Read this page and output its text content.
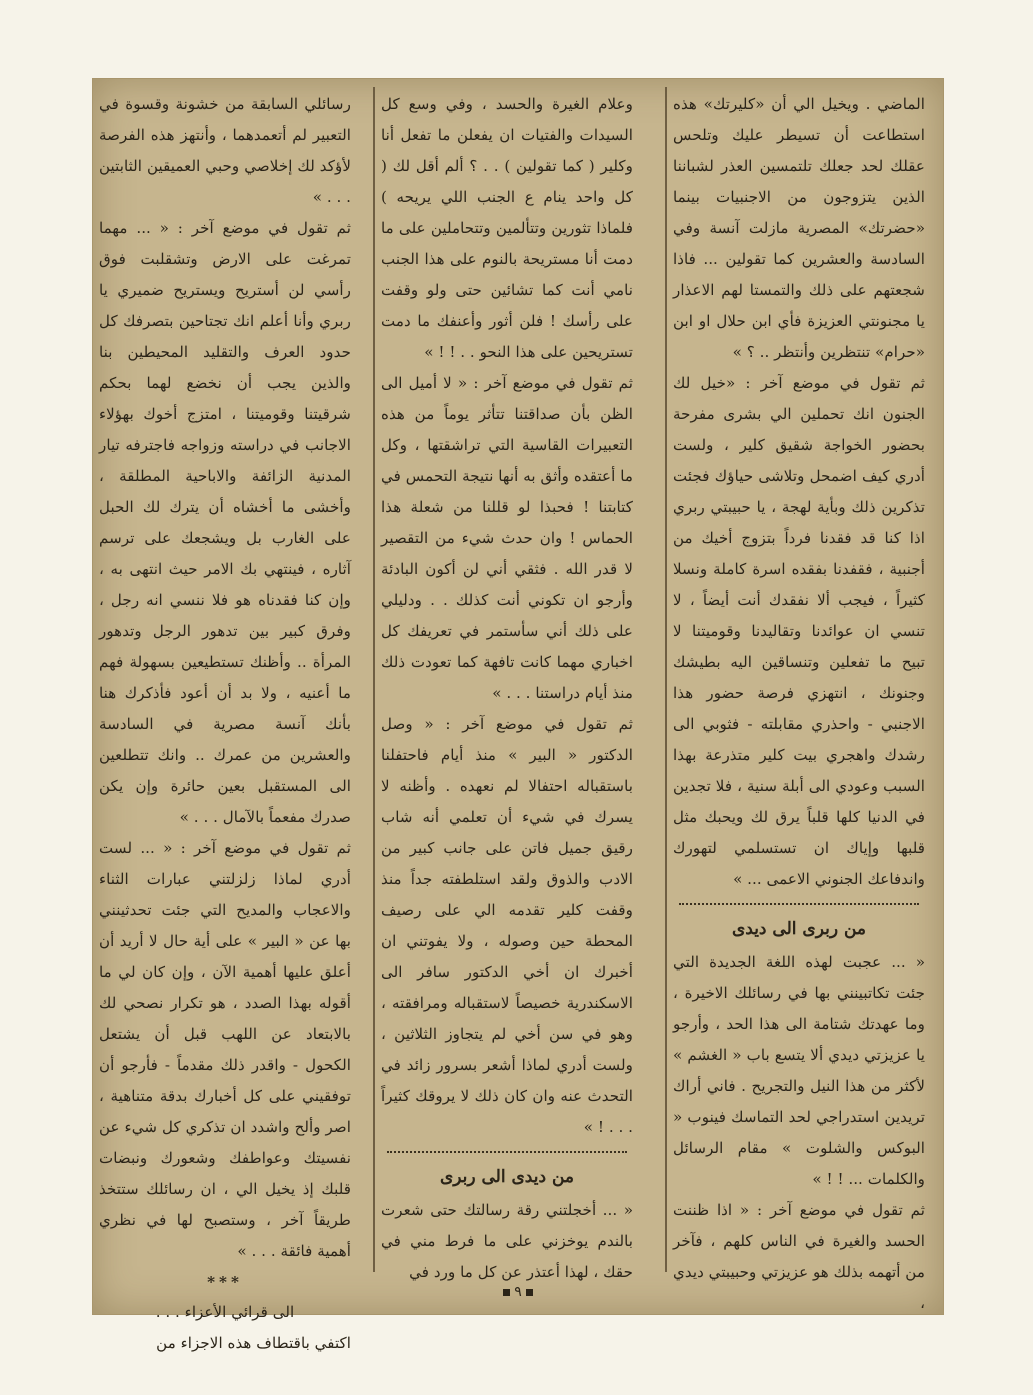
الماضي . ويخيل الي أن «كليرتك» هذه استطاعت أن تسيطر عليك وتلحس عقلك لحد جعلك تلتمسين العذر لشباننا الذين يتزوجون من الاجنبيات بينما «حضرتك» المصرية مازلت آنسة وفي السادسة والعشرين كما تقولين ... فاذا شجعتهم على ذلك والتمستا لهم الاعذار يا مجنونتي العزيزة فأي ابن حلال او ابن «حرام» تنتظرين وأنتظر .. ؟ »

ثم تقول في موضع آخر : «خيل لك الجنون انك تحملين الي بشرى مفرحة بحضور الخواجة شقيق كلير ، ولست أدري كيف اضمحل وتلاشى حياؤك فجئت تذكرين ذلك وبأية لهجة ، يا حبيبتي ربري اذا كنا قد فقدنا فرداً بتزوج أخيك من أجنبية ، فقفدنا بفقده اسرة كاملة ونسلا كثيراً ، فيجب ألا نفقدك أنت أيضاً ، لا تنسي ان عوائدنا وتقاليدنا وقوميتنا لا تبيح ما تفعلين وتنساقين اليه بطيشك وجنونك ، انتهزي فرصة حضور هذا الاجنبي - واحذري مقابلته - فثوبي الى رشدك واهجري بيت كلير متذرعة بهذا السبب وعودي الى أبلة سنية ، فلا تجدين في الدنيا كلها قلباً يرق لك ويحبك مثل قلبها وإياك ان تستسلمي لتهورك واندفاعك الجنوني الاعمى ... »

من ربرى الى ديدى

« ... عجبت لهذه اللغة الجديدة التي جئت تكاتبينني بها في رسائلك الاخيرة ، وما عهدتك شتامة الى هذا الحد ، وأرجو يا عزيزتي ديدي ألا يتسع باب « الغشم » لأكثر من هذا النيل والتجريح . فاني أراك تريدين استدراجي لحد التماسك فينوب « البوكس والشلوت » مقام الرسائل والكلمات ... ! ! »

ثم تقول في موضع آخر : « اذا ظننت الحسد والغيرة في الناس كلهم ، فآخر من أتهمه بذلك هو عزيزتي وحبيبتي ديدي ،

وعلام الغيرة والحسد ، وفي وسع كل السيدات والفتيات ان يفعلن ما تفعل أنا وكلير ( كما تقولين ) . . ؟ ألم أقل لك ( كل واحد ينام ع الجنب اللي يريحه ) فلماذا تثورين وتتألمين وتتحاملين على ما دمت أنا مستريحة بالنوم على هذا الجنب نامي أنت كما تشائين حتى ولو وقفت على رأسك ! فلن أثور وأعنفك ما دمت تستريحين على هذا النحو . . ! ! »

ثم تقول في موضع آخر : « لا أميل الى الظن بأن صداقتنا تتأثر يوماً من هذه التعبيرات القاسية التي تراشقتها ، وكل ما أعتقده وأثق به أنها نتيجة التحمس في كتابتنا ! فحبذا لو قللنا من شعلة هذا الحماس ! وان حدث شيء من التقصير لا قدر الله . فثقي أني لن أكون البادئة وأرجو ان تكوني أنت كذلك . . ودليلي على ذلك أني سأستمر في تعريفك كل اخباري مهما كانت تافهة كما تعودت ذلك منذ أيام دراستنا . . . »

ثم تقول في موضع آخر : « وصل الدكتور « البير » منذ أيام فاحتفلنا باستقباله احتفالا لم نعهده . وأظنه لا يسرك في شيء أن تعلمي أنه شاب رقيق جميل فاتن على جانب كبير من الادب والذوق ولقد استلطفته جداً منذ وقفت كلير تقدمه الي على رصيف المحطة حين وصوله ، ولا يفوتني ان أخبرك ان أخي الدكتور سافر الى الاسكندرية خصيصاً لاستقباله ومرافقته ، وهو في سن أخي لم يتجاوز الثلاثين ، ولست أدري لماذا أشعر بسرور زائد في التحدث عنه وان كان ذلك لا يروقك كثيراً . . . ! »

من ديدى الى ربرى

« ... أخجلتني رقة رسالتك حتى شعرت بالندم يوخزني على ما فرط مني في حقك ، لهذا أعتذر عن كل ما ورد في

رسائلي السابقة من خشونة وقسوة في التعبير لم أتعمدهما ، وأنتهز هذه الفرصة لأؤكد لك إخلاصي وحبي العميقين الثابتين . . . »

ثم تقول في موضع آخر : « ... مهما تمرغت على الارض وتشقلبت فوق رأسي لن أستريح ويستريح ضميري يا ربري وأنا أعلم انك تجتاحين بتصرفك كل حدود العرف والتقليد المحيطين بنا والذين يجب أن نخضع لهما بحكم شرقيتنا وقوميتنا ، امتزج أخوك بهؤلاء الاجانب في دراسته وزواجه فاجترفه تيار المدنية الزائفة والاباحية المطلقة ، وأخشى ما أخشاه أن يترك لك الحبل على الغارب بل ويشجعك على ترسم آثاره ، فينتهي بك الامر حيث انتهى به ، وإن كنا فقدناه هو فلا ننسي انه رجل ، وفرق كبير بين تدهور الرجل وتدهور المرأة .. وأظنك تستطيعين بسهولة فهم ما أعنيه ، ولا بد أن أعود فأذكرك هنا بأنك آنسة مصرية في السادسة والعشرين من عمرك .. وانك تتطلعين الى المستقبل بعين حائرة وإن يكن صدرك مفعماً بالآمال . . . »

ثم تقول في موضع آخر : « ... لست أدري لماذا زلزلتني عبارات الثناء والاعجاب والمديح التي جئت تحدثينني بها عن « البير » على أية حال لا أريد أن أعلق عليها أهمية الآن ، وإن كان لي ما أقوله بهذا الصدد ، هو تكرار نصحي لك بالابتعاد عن اللهب قبل أن يشتعل الكحول - واقدر ذلك مقدماً - فأرجو أن توفقيني على كل أخبارك بدقة متناهية ، اصر وألح واشدد ان تذكري كل شيء عن نفسيتك وعواطفك وشعورك ونبضات قلبك إذ يخيل الي ، ان رسائلك ستتخذ طريقاً آخر ، وستصبح لها في نظري أهمية فائقة . . . »

***

الى قرائي الأعزاء . . .

اكتفي باقتطاف هذه الاجزاء من

٩
